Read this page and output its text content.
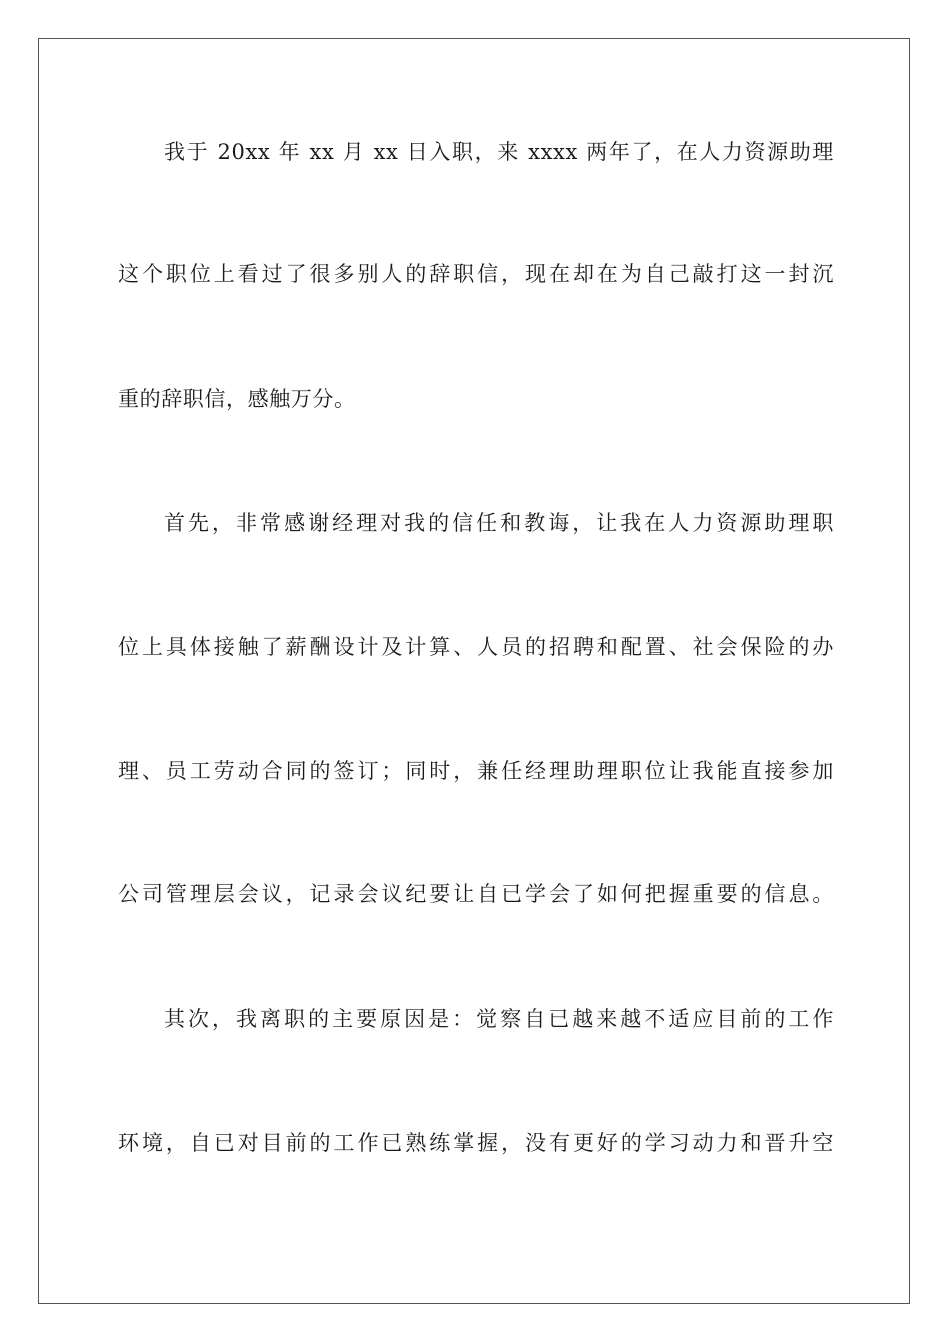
我于 20xx 年 xx 月 xx 日入职，来 xxxx 两年了，在人力资源助理
这个职位上看过了很多别人的辞职信，现在却在为自己敲打这一封沉
重的辞职信，感触万分。
首先，非常感谢经理对我的信任和教诲，让我在人力资源助理职
位上具体接触了薪酬设计及计算、人员的招聘和配置、社会保险的办
理、员工劳动合同的签订；同时，兼任经理助理职位让我能直接参加
公司管理层会议，记录会议纪要让自已学会了如何把握重要的信息。
其次，我离职的主要原因是：觉察自已越来越不适应目前的工作
环境，自已对目前的工作已熟练掌握，没有更好的学习动力和晋升空
